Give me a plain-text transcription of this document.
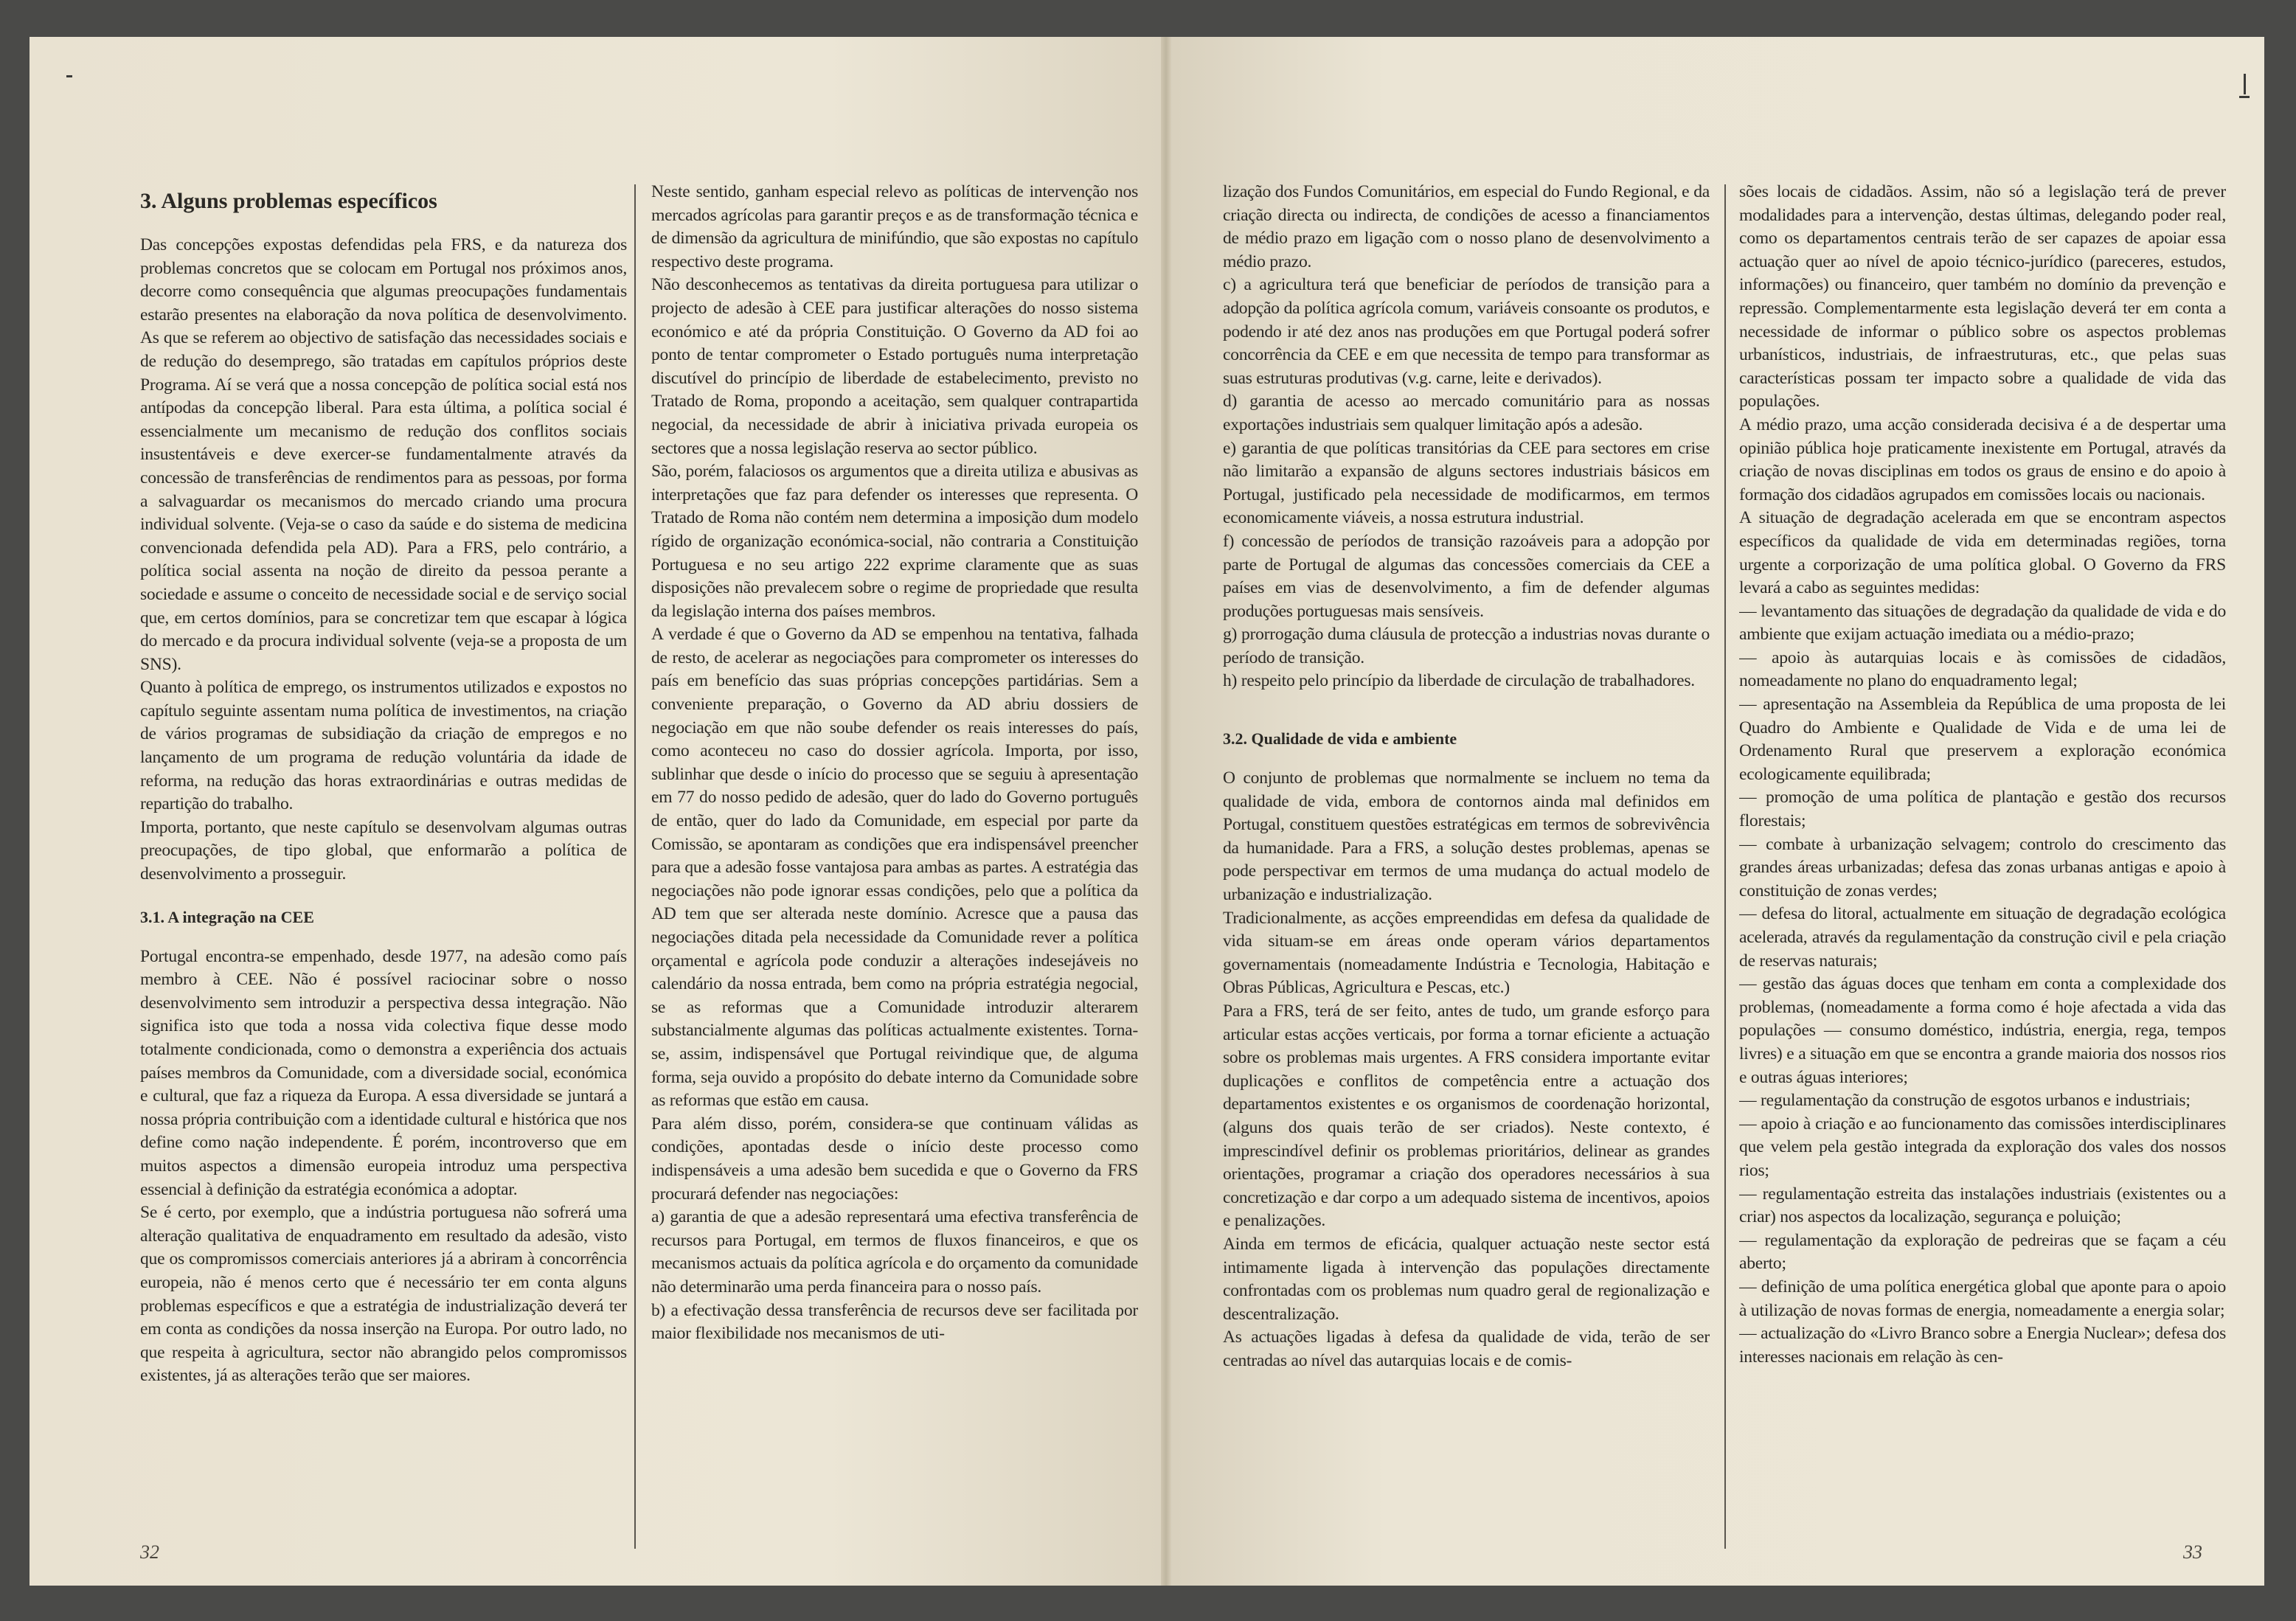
3. Alguns problemas específicos

Das concepções expostas defendidas pela FRS, e da natureza dos problemas concretos que se colocam em Portugal nos próximos anos, decorre como consequência que algumas preocupações fundamentais estarão presentes na elaboração da nova política de desenvolvimento. As que se referem ao objectivo de satisfação das necessidades sociais e de redução do desemprego, são tratadas em capítulos próprios deste Programa. Aí se verá que a nossa concepção de política social está nos antípodas da concepção liberal. Para esta última, a política social é essencialmente um mecanismo de redução dos conflitos sociais insustentáveis e deve exercer-se fundamentalmente através da concessão de transferências de rendimentos para as pessoas, por forma a salvaguardar os mecanismos do mercado criando uma procura individual solvente. (Veja-se o caso da saúde e do sistema de medicina convencionada defendida pela AD). Para a FRS, pelo contrário, a política social assenta na noção de direito da pessoa perante a sociedade e assume o conceito de necessidade social e de serviço social que, em certos domínios, para se concretizar tem que escapar à lógica do mercado e da procura individual solvente (veja-se a proposta de um SNS).

Quanto à política de emprego, os instrumentos utilizados e expostos no capítulo seguinte assentam numa política de investimentos, na criação de vários programas de subsidiação da criação de empregos e no lançamento de um programa de redução voluntária da idade de reforma, na redução das horas extraordinárias e outras medidas de repartição do trabalho.

Importa, portanto, que neste capítulo se desenvolvam algumas outras preocupações, de tipo global, que enformarão a política de desenvolvimento a prosseguir.

3.1. A integração na CEE

Portugal encontra-se empenhado, desde 1977, na adesão como país membro à CEE. Não é possível raciocinar sobre o nosso desenvolvimento sem introduzir a perspectiva dessa integração. Não significa isto que toda a nossa vida colectiva fique desse modo totalmente condicionada, como o demonstra a experiência dos actuais países membros da Comunidade, com a diversidade social, económica e cultural, que faz a riqueza da Europa. A essa diversidade se juntará a nossa própria contribuição com a identidade cultural e histórica que nos define como nação independente. É porém, incontroverso que em muitos aspectos a dimensão europeia introduz uma perspectiva essencial à definição da estratégia económica a adoptar.

Se é certo, por exemplo, que a indústria portuguesa não sofrerá uma alteração qualitativa de enquadramento em resultado da adesão, visto que os compromissos comerciais anteriores já a abriram à concorrência europeia, não é menos certo que é necessário ter em conta alguns problemas específicos e que a estratégia de industrialização deverá ter em conta as condições da nossa inserção na Europa. Por outro lado, no que respeita à agricultura, sector não abrangido pelos compromissos existentes, já as alterações terão que ser maiores.

Neste sentido, ganham especial relevo as políticas de intervenção nos mercados agrícolas para garantir preços e as de transformação técnica e de dimensão da agricultura de minifúndio, que são expostas no capítulo respectivo deste programa.

Não desconhecemos as tentativas da direita portuguesa para utilizar o projecto de adesão à CEE para justificar alterações do nosso sistema económico e até da própria Constituição. O Governo da AD foi ao ponto de tentar comprometer o Estado português numa interpretação discutível do princípio de liberdade de estabelecimento, previsto no Tratado de Roma, propondo a aceitação, sem qualquer contrapartida negocial, da necessidade de abrir à iniciativa privada europeia os sectores que a nossa legislação reserva ao sector público.

São, porém, falaciosos os argumentos que a direita utiliza e abusivas as interpretações que faz para defender os interesses que representa. O Tratado de Roma não contém nem determina a imposição dum modelo rígido de organização económica-social, não contraria a Constituição Portuguesa e no seu artigo 222 exprime claramente que as suas disposições não prevalecem sobre o regime de propriedade que resulta da legislação interna dos países membros.

A verdade é que o Governo da AD se empenhou na tentativa, falhada de resto, de acelerar as negociações para comprometer os interesses do país em benefício das suas próprias concepções partidárias. Sem a conveniente preparação, o Governo da AD abriu dossiers de negociação em que não soube defender os reais interesses do país, como aconteceu no caso do dossier agrícola. Importa, por isso, sublinhar que desde o início do processo que se seguiu à apresentação em 77 do nosso pedido de adesão, quer do lado do Governo português de então, quer do lado da Comunidade, em especial por parte da Comissão, se apontaram as condições que era indispensável preencher para que a adesão fosse vantajosa para ambas as partes. A estratégia das negociações não pode ignorar essas condições, pelo que a política da AD tem que ser alterada neste domínio. Acresce que a pausa das negociações ditada pela necessidade da Comunidade rever a política orçamental e agrícola pode conduzir a alterações indesejáveis no calendário da nossa entrada, bem como na própria estratégia negocial, se as reformas que a Comunidade introduzir alterarem substancialmente algumas das políticas actualmente existentes. Torna-se, assim, indispensável que Portugal reivindique que, de alguma forma, seja ouvido a propósito do debate interno da Comunidade sobre as reformas que estão em causa.

Para além disso, porém, considera-se que continuam válidas as condições, apontadas desde o início deste processo como indispensáveis a uma adesão bem sucedida e que o Governo da FRS procurará defender nas negociações:

a) garantia de que a adesão representará uma efectiva transferência de recursos para Portugal, em termos de fluxos financeiros, e que os mecanismos actuais da política agrícola e do orçamento da comunidade não determinarão uma perda financeira para o nosso país.

b) a efectivação dessa transferência de recursos deve ser facilitada por maior flexibilidade nos mecanismos de uti-

32

lização dos Fundos Comunitários, em especial do Fundo Regional, e da criação directa ou indirecta, de condições de acesso a financiamentos de médio prazo em ligação com o nosso plano de desenvolvimento a médio prazo.

c) a agricultura terá que beneficiar de períodos de transição para a adopção da política agrícola comum, variáveis consoante os produtos, e podendo ir até dez anos nas produções em que Portugal poderá sofrer concorrência da CEE e em que necessita de tempo para transformar as suas estruturas produtivas (v.g. carne, leite e derivados).

d) garantia de acesso ao mercado comunitário para as nossas exportações industriais sem qualquer limitação após a adesão.

e) garantia de que políticas transitórias da CEE para sectores em crise não limitarão a expansão de alguns sectores industriais básicos em Portugal, justificado pela necessidade de modificarmos, em termos economicamente viáveis, a nossa estrutura industrial.

f) concessão de períodos de transição razoáveis para a adopção por parte de Portugal de algumas das concessões comerciais da CEE a países em vias de desenvolvimento, a fim de defender algumas produções portuguesas mais sensíveis.

g) prorrogação duma cláusula de protecção a industrias novas durante o período de transição.

h) respeito pelo princípio da liberdade de circulação de trabalhadores.

3.2. Qualidade de vida e ambiente

O conjunto de problemas que normalmente se incluem no tema da qualidade de vida, embora de contornos ainda mal definidos em Portugal, constituem questões estratégicas em termos de sobrevivência da humanidade. Para a FRS, a solução destes problemas, apenas se pode perspectivar em termos de uma mudança do actual modelo de urbanização e industrialização.

Tradicionalmente, as acções empreendidas em defesa da qualidade de vida situam-se em áreas onde operam vários departamentos governamentais (nomeadamente Indústria e Tecnologia, Habitação e Obras Públicas, Agricultura e Pescas, etc.)

Para a FRS, terá de ser feito, antes de tudo, um grande esforço para articular estas acções verticais, por forma a tornar eficiente a actuação sobre os problemas mais urgentes. A FRS considera importante evitar duplicações e conflitos de competência entre a actuação dos departamentos existentes e os organismos de coordenação horizontal, (alguns dos quais terão de ser criados). Neste contexto, é imprescindível definir os problemas prioritários, delinear as grandes orientações, programar a criação dos operadores necessários à sua concretização e dar corpo a um adequado sistema de incentivos, apoios e penalizações.

Ainda em termos de eficácia, qualquer actuação neste sector está intimamente ligada à intervenção das populações directamente confrontadas com os problemas num quadro geral de regionalização e descentralização.

As actuações ligadas à defesa da qualidade de vida, terão de ser centradas ao nível das autarquias locais e de comis-

sões locais de cidadãos. Assim, não só a legislação terá de prever modalidades para a intervenção, destas últimas, delegando poder real, como os departamentos centrais terão de ser capazes de apoiar essa actuação quer ao nível de apoio técnico-jurídico (pareceres, estudos, informações) ou financeiro, quer também no domínio da prevenção e repressão. Complementarmente esta legislação deverá ter em conta a necessidade de informar o público sobre os aspectos problemas urbanísticos, industriais, de infraestruturas, etc., que pelas suas características possam ter impacto sobre a qualidade de vida das populações.

A médio prazo, uma acção considerada decisiva é a de despertar uma opinião pública hoje praticamente inexistente em Portugal, através da criação de novas disciplinas em todos os graus de ensino e do apoio à formação dos cidadãos agrupados em comissões locais ou nacionais.

A situação de degradação acelerada em que se encontram aspectos específicos da qualidade de vida em determinadas regiões, torna urgente a corporização de uma política global. O Governo da FRS levará a cabo as seguintes medidas:

— levantamento das situações de degradação da qualidade de vida e do ambiente que exijam actuação imediata ou a médio-prazo;

— apoio às autarquias locais e às comissões de cidadãos, nomeadamente no plano do enquadramento legal;

— apresentação na Assembleia da República de uma proposta de lei Quadro do Ambiente e Qualidade de Vida e de uma lei de Ordenamento Rural que preservem a exploração económica ecologicamente equilibrada;

— promoção de uma política de plantação e gestão dos recursos florestais;

— combate à urbanização selvagem; controlo do crescimento das grandes áreas urbanizadas; defesa das zonas urbanas antigas e apoio à constituição de zonas verdes;

— defesa do litoral, actualmente em situação de degradação ecológica acelerada, através da regulamentação da construção civil e pela criação de reservas naturais;

— gestão das águas doces que tenham em conta a complexidade dos problemas, (nomeadamente a forma como é hoje afectada a vida das populações — consumo doméstico, indústria, energia, rega, tempos livres) e a situação em que se encontra a grande maioria dos nossos rios e outras águas interiores;

— regulamentação da construção de esgotos urbanos e industriais;

— apoio à criação e ao funcionamento das comissões interdisciplinares que velem pela gestão integrada da exploração dos vales dos nossos rios;

— regulamentação estreita das instalações industriais (existentes ou a criar) nos aspectos da localização, segurança e poluição;

— regulamentação da exploração de pedreiras que se façam a céu aberto;

— definição de uma política energética global que aponte para o apoio à utilização de novas formas de energia, nomeadamente a energia solar;

— actualização do «Livro Branco sobre a Energia Nuclear»; defesa dos interesses nacionais em relação às cen-

33
